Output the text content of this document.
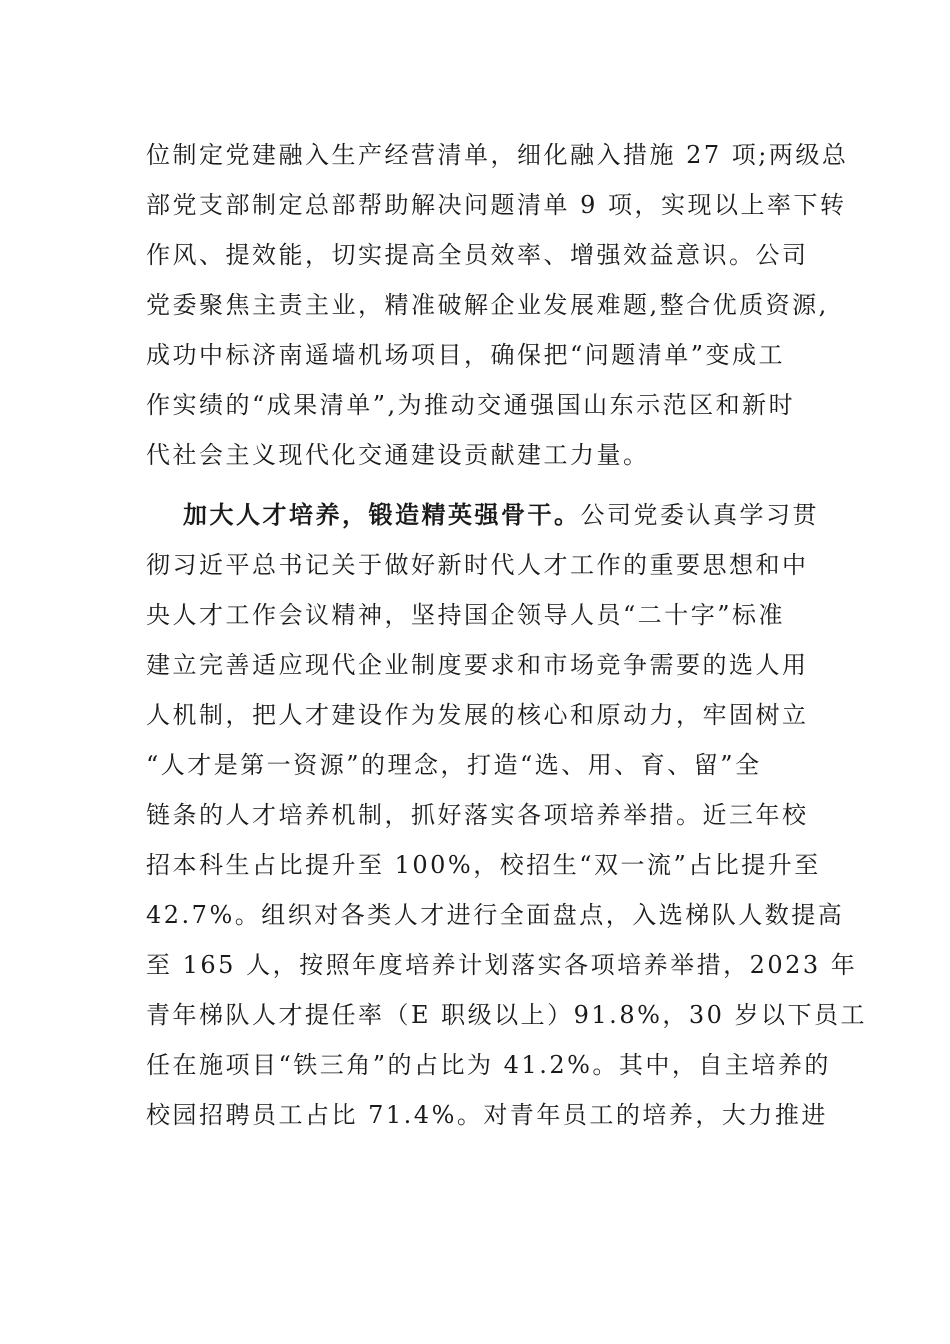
位制定党建融入生产经营清单，细化融入措施 27 项;两级总
部党支部制定总部帮助解决问题清单 9 项，实现以上率下转
作风、提效能，切实提高全员效率、增强效益意识。公司
党委聚焦主责主业，精准破解企业发展难题,整合优质资源,
成功中标济南遥墙机场项目，确保把“问题清单”变成工
作实绩的“成果清单”,为推动交通强国山东示范区和新时
代社会主义现代化交通建设贡献建工力量。
加大人才培养，锻造精英强骨干。公司党委认真学习贯
彻习近平总书记关于做好新时代人才工作的重要思想和中
央人才工作会议精神，坚持国企领导人员“二十字”标准
建立完善适应现代企业制度要求和市场竞争需要的选人用
人机制，把人才建设作为发展的核心和原动力，牢固树立
“人才是第一资源”的理念，打造“选、用、育、留”全
链条的人才培养机制，抓好落实各项培养举措。近三年校
招本科生占比提升至 100%，校招生“双一流”占比提升至
42.7%。组织对各类人才进行全面盘点，入选梯队人数提高
至 165 人，按照年度培养计划落实各项培养举措，2023 年
青年梯队人才提任率（E 职级以上）91.8%，30 岁以下员工
任在施项目“铁三角”的占比为 41.2%。其中，自主培养的
校园招聘员工占比 71.4%。对青年员工的培养，大力推进
